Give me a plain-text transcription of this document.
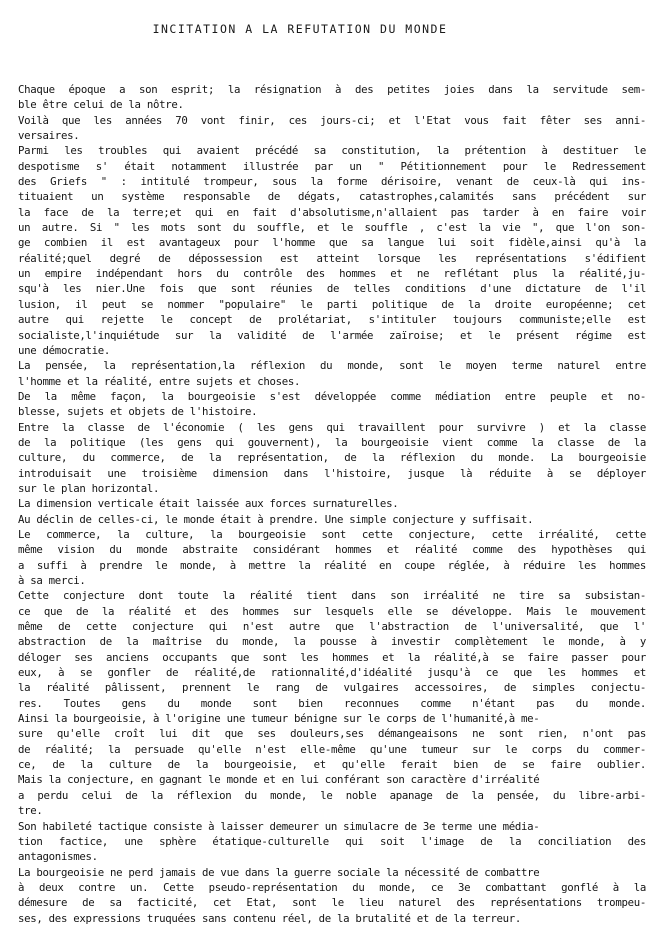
INCITATION A LA REFUTATION DU MONDE
Chaque époque a son esprit; la résignation à des petites joies dans la servitude sem-
ble être celui de la nôtre.
Voilà que les années 70 vont finir, ces jours-ci; et l'Etat vous fait fêter ses anni-
versaires.
Parmi les troubles qui avaient précédé sa constitution, la prétention à destituer le
despotisme s' était notamment illustrée par un " Pétitionnement pour le Redressement
des Griefs " : intitulé trompeur, sous la forme dérisoire, venant de ceux-là qui ins-
tituaient un système responsable de dégats, catastrophes,calamités sans précédent sur
la face de la terre;et qui en fait d'absolutisme,n'allaient pas tarder à en faire voir
un autre. Si " les mots sont du souffle, et le souffle , c'est la vie ", que l'on son-
ge combien il est avantageux pour l'homme que sa langue lui soit fidèle,ainsi qu'à la
réalité;quel degré de dépossession est atteint lorsque les représentations s'édifient
un empire indépendant hors du contrôle des hommes et ne reflétant plus la réalité,ju-
squ'à les nier.Une fois que sont réunies de telles conditions d'une dictature de l'il
lusion, il peut se nommer "populaire" le parti politique de la droite européenne; cet
autre qui rejette le concept de prolétariat, s'intituler toujours communiste;elle est
socialiste,l'inquiétude sur la validité de l'armée zaïroise; et le présent régime est
une démocratie.
La pensée, la représentation,la réflexion du monde, sont le moyen terme naturel entre
l'homme et la réalité, entre sujets et choses.
De la même façon, la bourgeoisie s'est développée comme médiation entre peuple et no-
blesse, sujets et objets de l'histoire.
Entre la classe de l'économie ( les gens qui travaillent pour survivre ) et la classe
de la politique (les gens qui gouvernent), la bourgeoisie vient comme la classe de la
culture, du commerce, de la représentation, de la réflexion du monde. La bourgeoisie
introduisait une troisième dimension dans l'histoire, jusque là réduite à se déployer
sur le plan horizontal.
La dimension verticale était laissée aux forces surnaturelles.
Au déclin de celles-ci, le monde était à prendre. Une simple conjecture y suffisait.
Le commerce, la culture, la bourgeoisie sont cette conjecture, cette irréalité, cette
même vision du monde abstraite considérant hommes et réalité comme des hypothèses qui
a suffi à prendre le monde, à mettre la réalité en coupe réglée, à réduire les hommes
à sa merci.
Cette conjecture dont toute la réalité tient dans son irréalité ne tire sa subsistan-
ce que de la réalité et des hommes sur lesquels elle se développe. Mais le mouvement
même de cette conjecture qui n'est autre que l'abstraction de l'universalité, que l'
abstraction de la maîtrise du monde, la pousse à investir complètement le monde, à y
déloger ses anciens occupants que sont les hommes et la réalité,à se faire passer pour
eux, à se gonfler de réalité,de rationnalité,d'idéalité jusqu'à ce que les hommes et
la réalité pâlissent, prennent le rang de vulgaires accessoires, de simples conjectu-
res. Toutes gens du monde sont bien reconnues comme n'étant pas du monde.
Ainsi la bourgeoisie, à l'origine une tumeur bénigne sur le corps de l'humanité,à me-
sure qu'elle croît lui dit que ses douleurs,ses démangeaisons ne sont rien, n'ont pas
de réalité; la persuade qu'elle n'est elle-même qu'une tumeur sur le corps du commer-
ce, de la culture de la bourgeoisie, et qu'elle ferait bien de se faire oublier.
Mais la conjecture, en gagnant le monde et en lui conférant son caractère d'irréalité
a perdu celui de la réflexion du monde, le noble apanage de la pensée, du libre-arbi-
tre.
Son habileté tactique consiste à laisser demeurer un simulacre de 3e terme une média-
tion factice, une sphère étatique-culturelle qui soit l'image de la conciliation des
antagonismes.
La bourgeoisie ne perd jamais de vue dans la guerre sociale la nécessité de combattre
à deux contre un. Cette pseudo-représentation du monde, ce 3e combattant gonflé à la
démesure de sa facticité, cet Etat, sont le lieu naturel des représentations trompeu-
ses, des expressions truquées sans contenu réel, de la brutalité et de la terreur.
